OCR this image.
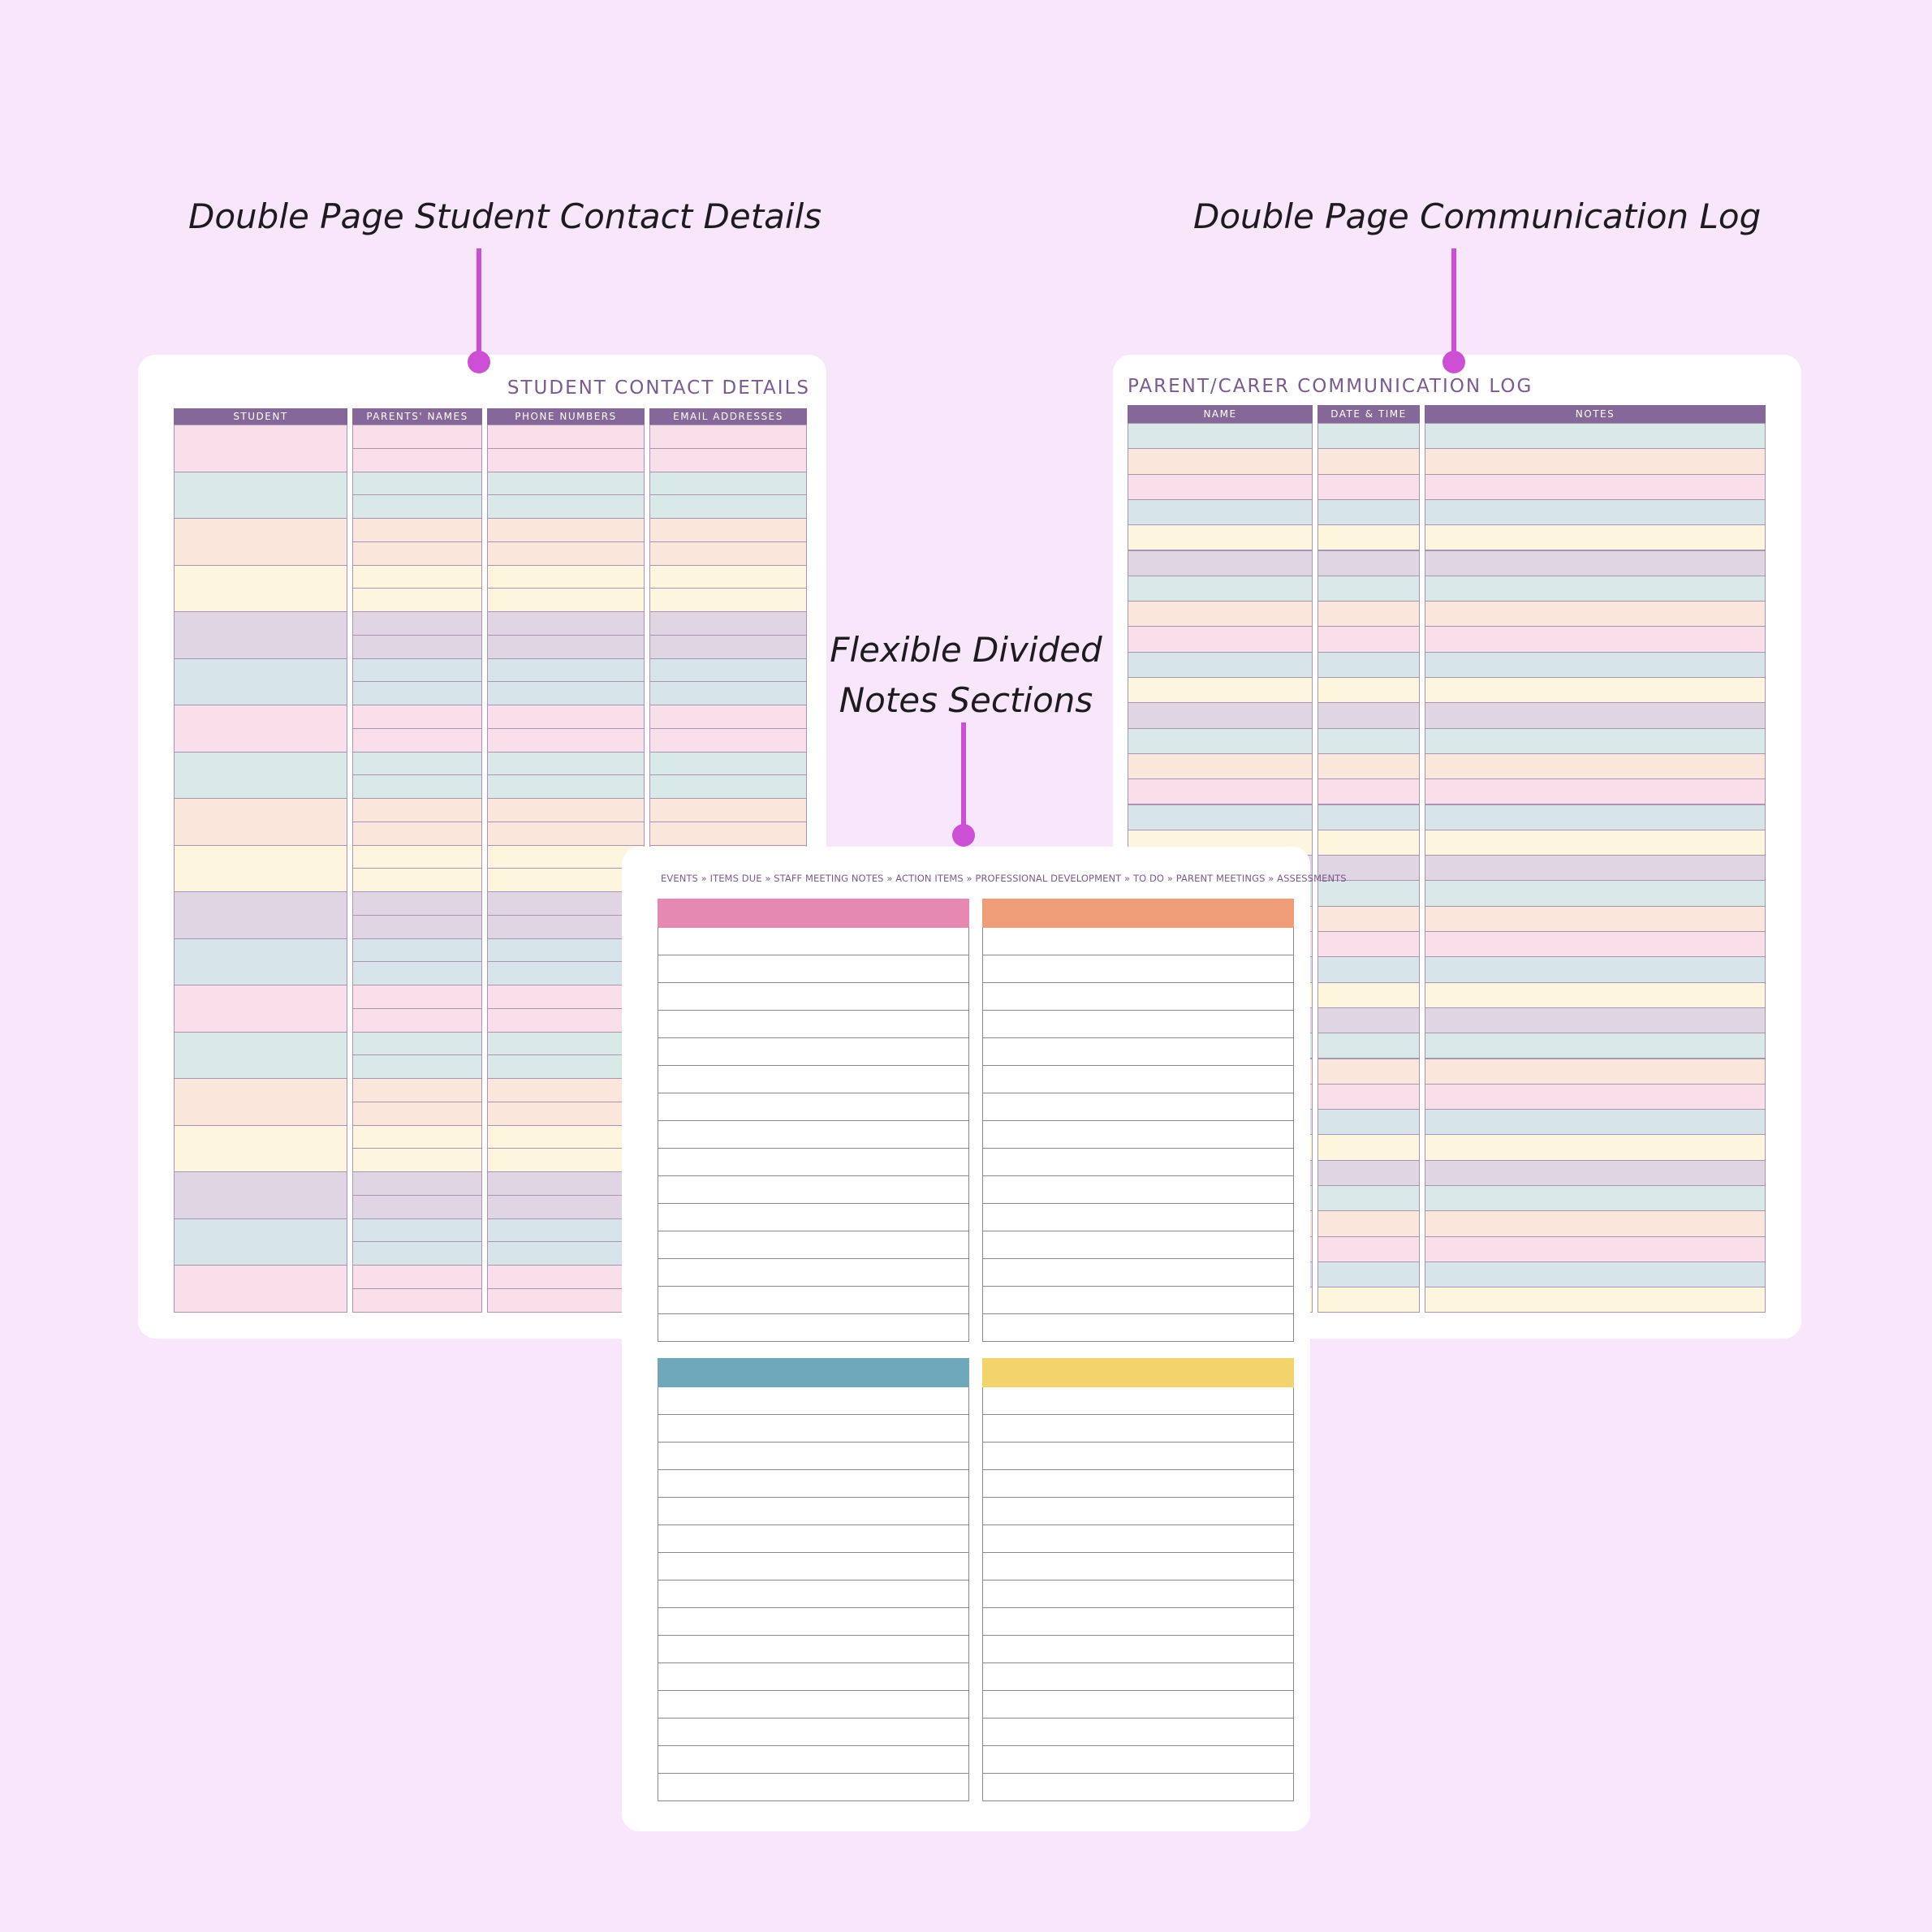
Double Page Student Contact Details	Double Page Communication Log
Flexible Divided
Notes Sections
STUDENT CONTACT DETAILS
STUDENT	PARENTS' NAMES	PHONE NUMBERS	EMAIL ADDRESSES
PARENT/CARER COMMUNICATION LOG
NAME	DATE & TIME	NOTES
EVENTS » ITEMS DUE » STAFF MEETING NOTES » ACTION ITEMS » PROFESSIONAL DEVELOPMENT » TO DO » PARENT MEETINGS » ASSESSMENTS
